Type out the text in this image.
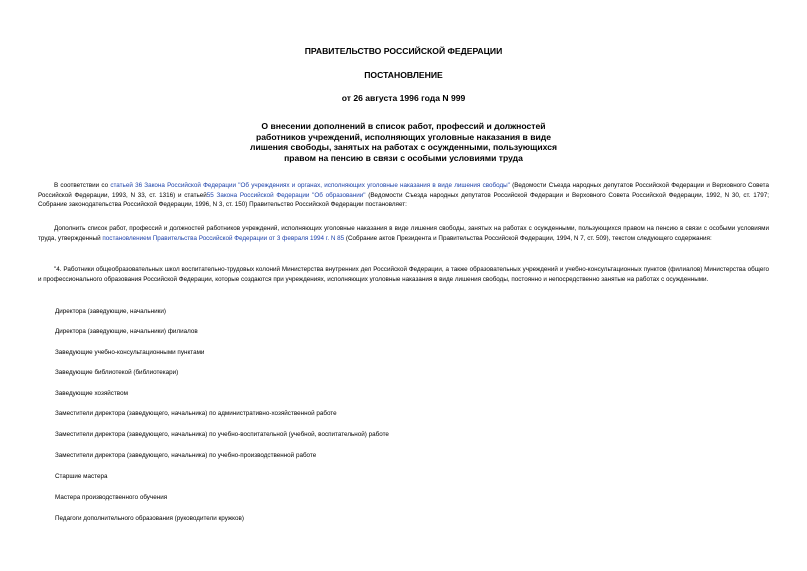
ПРАВИТЕЛЬСТВО РОССИЙСКОЙ ФЕДЕРАЦИИ
ПОСТАНОВЛЕНИЕ
от 26 августа 1996 года N 999
О внесении дополнений в список работ, профессий и должностей
работников учреждений, исполняющих уголовные наказания в виде
лишения свободы, занятых на работах с осужденными, пользующихся
правом на пенсию в связи с особыми условиями труда
В соответствии со статьей 36 Закона Российской Федерации "Об учреждениях и органах, исполняющих уголовные наказания в виде лишения свободы" (Ведомости Съезда народных депутатов Российской Федерации и Верховного Совета Российской Федерации, 1993, N 33, ст. 1316) и статьей55 Закона Российской Федерации "Об образовании" (Ведомости Съезда народных депутатов Российской Федерации и Верховного Совета Российской Федерации, 1992, N 30, ст. 1797; Собрание законодательства Российской Федерации, 1996, N 3, ст. 150) Правительство Российской Федерации постановляет:
Дополнить список работ, профессий и должностей работников учреждений, исполняющих уголовные наказания в виде лишения свободы, занятых на работах с осужденными, пользующихся правом на пенсию в связи с особыми условиями труда, утвержденный постановлением Правительства Российской Федерации от 3 февраля 1994 г. N 85 (Собрание актов Президента и Правительства Российской Федерации, 1994, N 7, ст. 509), текстом следующего содержания:
"4. Работники общеобразовательных школ воспитательно-трудовых колоний Министерства внутренних дел Российской Федерации, а также образовательных учреждений и учебно-консультационных пунктов (филиалов) Министерства общего и профессионального образования Российской Федерации, которые создаются при учреждениях, исполняющих уголовные наказания в виде лишения свободы, постоянно и непосредственно занятые на работах с осужденными.
Директора (заведующие, начальники)
Директора (заведующие, начальники) филиалов
Заведующие учебно-консультационными пунктами
Заведующие библиотекой (библиотекари)
Заведующие хозяйством
Заместители директора (заведующего, начальника) по административно-хозяйственной работе
Заместители директора (заведующего, начальника) по учебно-воспитательной (учебной, воспитательной) работе
Заместители директора (заведующего, начальника) по учебно-производственной работе
Старшие мастера
Мастера производственного обучения
Педагоги дополнительного образования (руководители кружков)
